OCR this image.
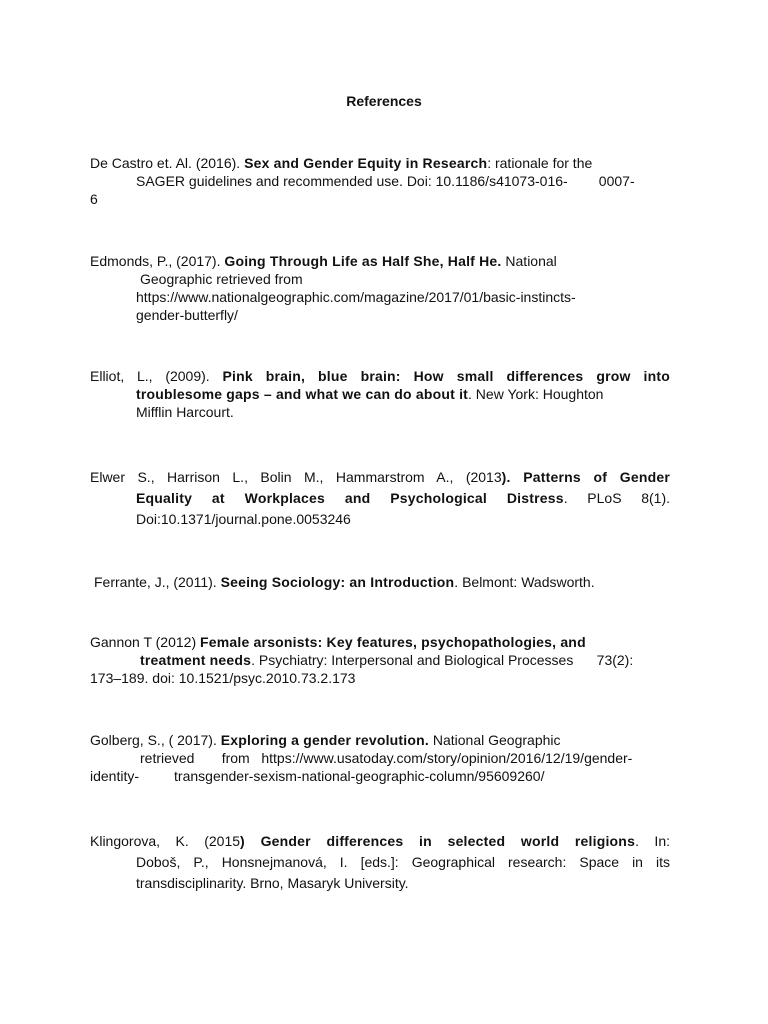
References
De Castro et. Al. (2016). Sex and Gender Equity in Research: rationale for the
SAGER guidelines and recommended use. Doi: 10.1186/s41073-016-        0007-
6
Edmonds, P., (2017). Going Through Life as Half She, Half He. National
Geographic retrieved from
https://www.nationalgeographic.com/magazine/2017/01/basic-instincts-
gender-butterfly/
Elliot, L., (2009). Pink brain, blue brain: How small differences grow into
troublesome gaps – and what we can do about it. New York: Houghton
Mifflin Harcourt.
Elwer S., Harrison L., Bolin M., Hammarstrom A., (2013). Patterns of Gender
Equality at Workplaces and Psychological Distress. PLoS 8(1).
Doi:10.1371/journal.pone.0053246
Ferrante, J., (2011). Seeing Sociology: an Introduction. Belmont: Wadsworth.
Gannon T (2012) Female arsonists: Key features, psychopathologies, and
treatment needs. Psychiatry: Interpersonal and Biological Processes      73(2):
173–189. doi: 10.1521/psyc.2010.73.2.173
Golberg, S., ( 2017). Exploring a gender revolution. National Geographic
retrieved       from   https://www.usatoday.com/story/opinion/2016/12/19/gender-
identity-         transgender-sexism-national-geographic-column/95609260/
Klingorova, K. (2015) Gender differences in selected world religions. In:
Doboš, P., Honsnejmanová, I. [eds.]: Geographical research: Space in its
transdisciplinarity. Brno, Masaryk University.
